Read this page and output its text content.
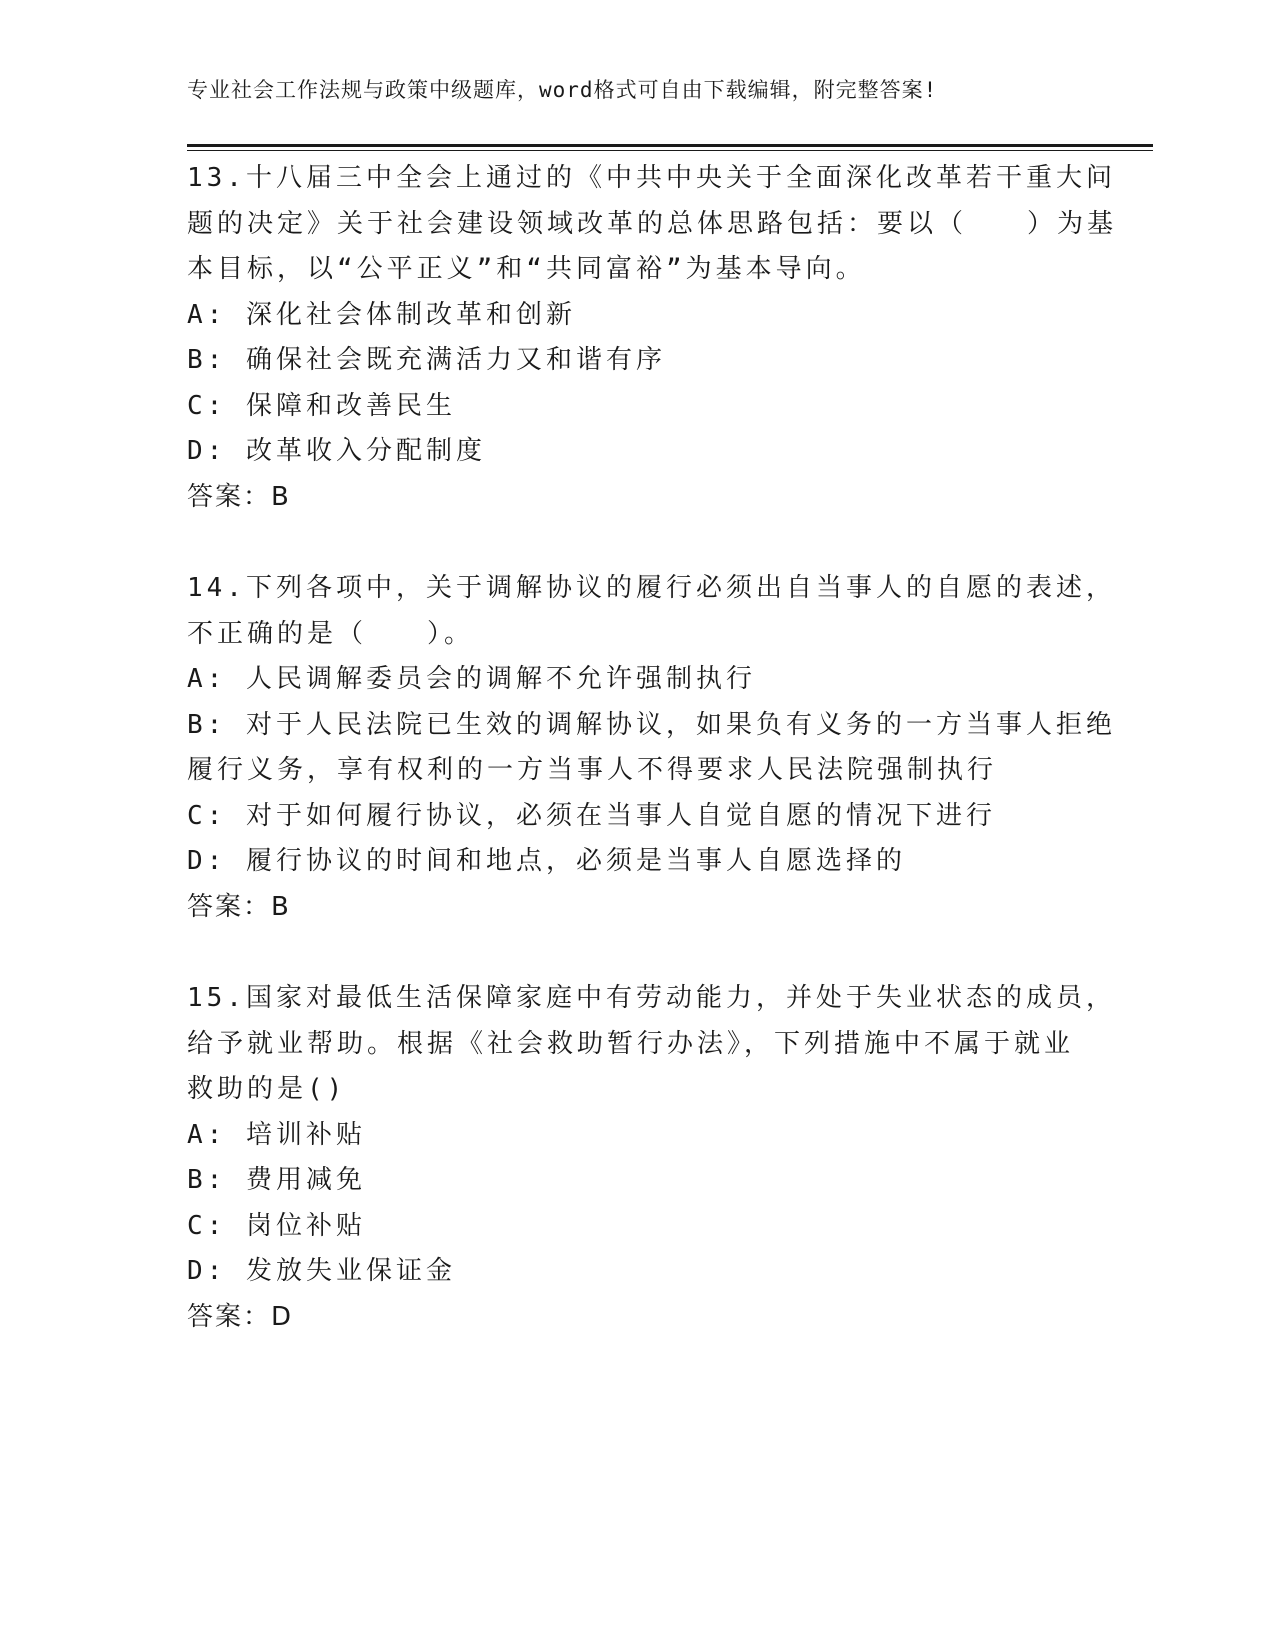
专业社会工作法规与政策中级题库，word格式可自由下载编辑，附完整答案!
13.十八届三中全会上通过的《中共中央关于全面深化改革若干重大问
题的决定》关于社会建设领域改革的总体思路包括：要以（　　）为基
本目标，以“公平正义”和“共同富裕”为基本导向。
A: 深化社会体制改革和创新
B: 确保社会既充满活力又和谐有序
C: 保障和改善民生
D: 改革收入分配制度
答案：B
14.下列各项中，关于调解协议的履行必须出自当事人的自愿的表述，
不正确的是（　　）。
A: 人民调解委员会的调解不允许强制执行
B: 对于人民法院已生效的调解协议，如果负有义务的一方当事人拒绝
履行义务，享有权利的一方当事人不得要求人民法院强制执行
C: 对于如何履行协议，必须在当事人自觉自愿的情况下进行
D: 履行协议的时间和地点，必须是当事人自愿选择的
答案：B
15.国家对最低生活保障家庭中有劳动能力，并处于失业状态的成员，
给予就业帮助。根据《社会救助暂行办法》，下列措施中不属于就业
救助的是()
A: 培训补贴
B: 费用减免
C: 岗位补贴
D: 发放失业保证金
答案：D
